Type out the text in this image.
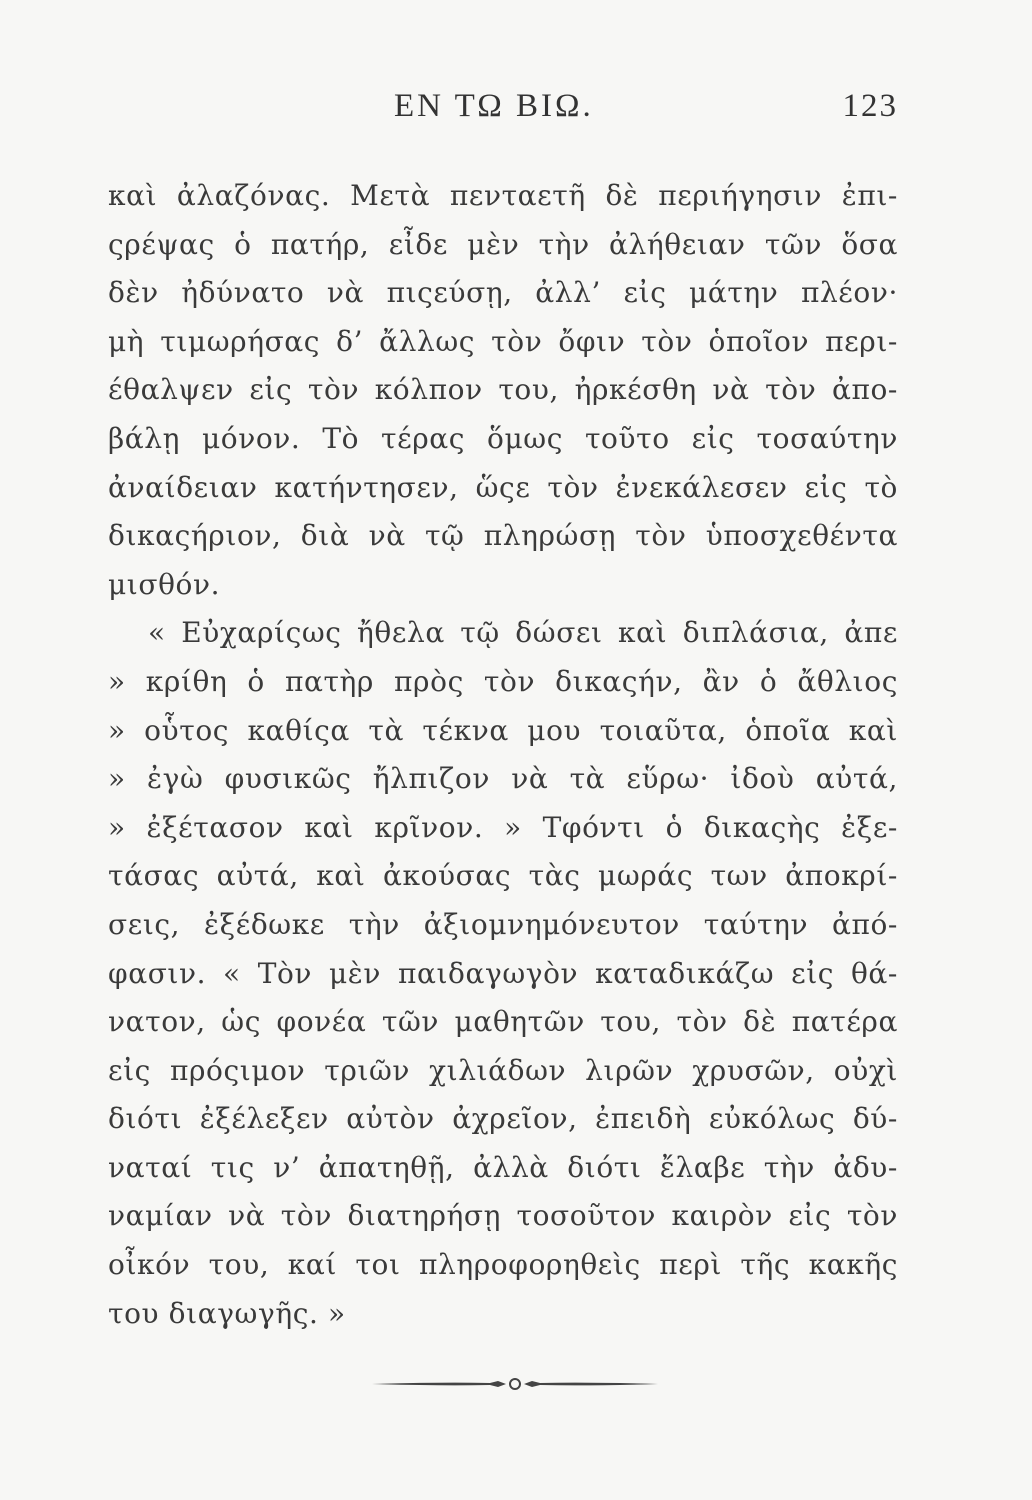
ΕΝ ΤΩ ΒΙΩ.	123
καὶ ἀλαζόνας. Μετὰ πενταετῆ δὲ περιήγησιν ἐπι-
ςρέψας ὁ πατήρ, εἶδε μὲν τὴν ἀλήθειαν τῶν ὅσα
δὲν ἠδύνατο νὰ πιςεύσῃ, ἀλλ’ εἰς μάτην πλέον·
μὴ τιμωρήσας δ’ ἄλλως τὸν ὄφιν τὸν ὁποῖον περι-
έθαλψεν εἰς τὸν κόλπον του, ἠρκέσθη νὰ τὸν ἀπο-
βάλῃ μόνον. Τὸ τέρας ὅμως τοῦτο εἰς τοσαύτην
ἀναίδειαν κατήντησεν, ὥςε τὸν ἐνεκάλεσεν εἰς τὸ
δικαςήριον, διὰ νὰ τῷ πληρώσῃ τὸν ὑποσχεθέντα
μισθόν.
« Εὐχαρίςως ἤθελα τῷ δώσει καὶ διπλάσια, ἀπε
» κρίθη ὁ πατὴρ πρὸς τὸν δικαςήν, ἂν ὁ ἄθλιος
» οὗτος καθίςα τὰ τέκνα μου τοιαῦτα, ὁποῖα καὶ
» ἐγὼ φυσικῶς ἤλπιζον νὰ τὰ εὕρω· ἰδοὺ αὐτά,
» ἐξέτασον καὶ κρῖνον. » Τφόντι ὁ δικαςὴς ἐξε-
τάσας αὐτά, καὶ ἀκούσας τὰς μωράς των ἀποκρί-
σεις, ἐξέδωκε τὴν ἀξιομνημόνευτον ταύτην ἀπό-
φασιν. « Τὸν μὲν παιδαγωγὸν καταδικάζω εἰς θά-
νατον, ὡς φονέα τῶν μαθητῶν του, τὸν δὲ πατέρα
εἰς πρόςιμον τριῶν χιλιάδων λιρῶν χρυσῶν, οὐχὶ
διότι ἐξέλεξεν αὐτὸν ἀχρεῖον, ἐπειδὴ εὐκόλως δύ-
ναταί τις ν’ ἀπατηθῇ, ἀλλὰ διότι ἔλαβε τὴν ἀδυ-
ναμίαν νὰ τὸν διατηρήσῃ τοσοῦτον καιρὸν εἰς τὸν
οἶκόν του, καί τοι πληροφορηθεὶς περὶ τῆς κακῆς
του διαγωγῆς. »
